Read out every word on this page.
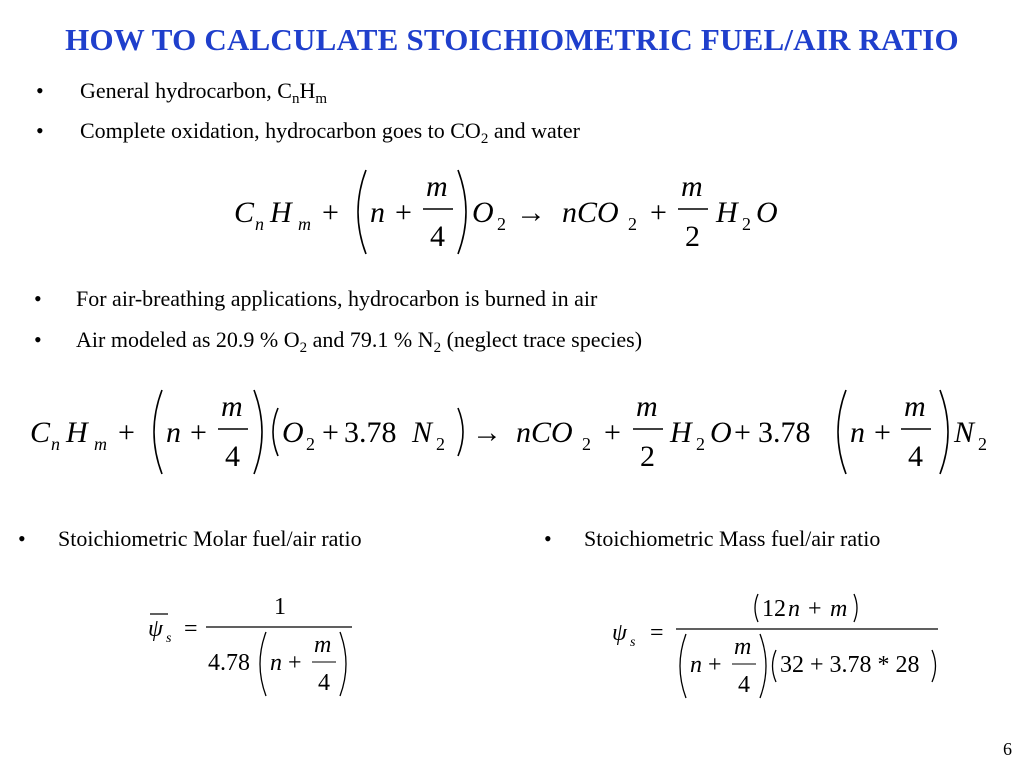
HOW TO CALCULATE STOICHIOMETRIC FUEL/AIR RATIO
• General hydrocarbon, $C_nH_m$
• Complete oxidation, hydrocarbon goes to $CO_2$ and water
C n H m + n +
m
4
O 2 → nCO 2 +
m
2
H 2 O
• For air-breathing applications, hydrocarbon is burned in air
• Air modeled as 20.9 % $O_2$ and 79.1 % $N_2$ (neglect trace species)
C n H m + n +
m
4
O 2 + 3.78 N 2 → nCO 2 +
m
2
H 2 O + 3.78 n +
m
4
N 2
• Stoichiometric Molar fuel/air ratio	• Stoichiometric Mass fuel/air ratio
ψ s =
1
4.78 n +
m
4
ψ s =
12 n + m
n +
m
4
32 + 3.78 * 28
6
